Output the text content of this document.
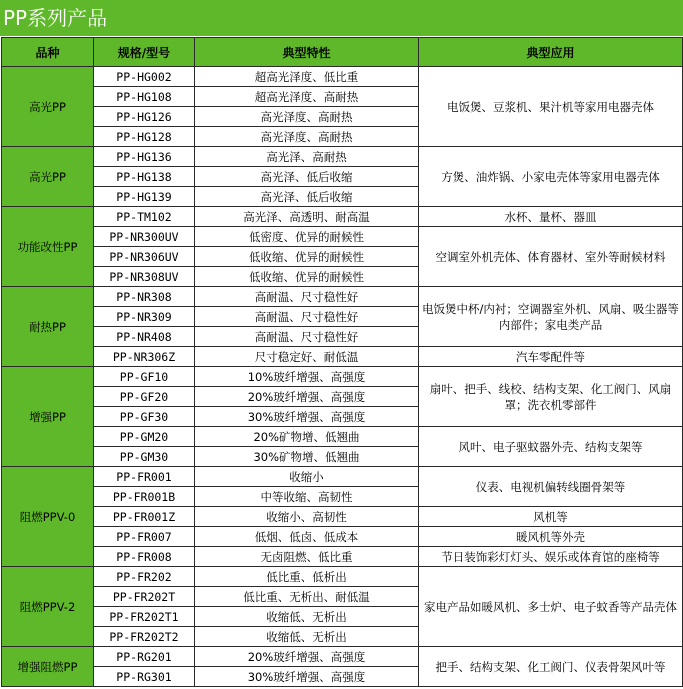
PP系列产品
品种	规格/型号	典型特性	典型应用
高光PP	PP-HG002	超高光泽度、低比重	电饭煲、豆浆机、果汁机等家用电器壳体
	PP-HG108	超高光泽度、高耐热	
	PP-HG126	高光泽度、高耐热	
	PP-HG128	高光泽度、高耐热	
高光PP	PP-HG136	高光泽、高耐热	方煲、油炸锅、小家电壳体等家用电器壳体
	PP-HG138	高光泽、低后收缩	
	PP-HG139	高光泽、低后收缩	
功能改性PP	PP-TM102	高光泽、高透明、耐高温	水杯、量杯、器皿
	PP-NR300UV	低密度、优异的耐候性	空调室外机壳体、体育器材、室外等耐候材料
	PP-NR306UV	低收缩、优异的耐候性	
	PP-NR308UV	低收缩、优异的耐候性	
耐热PP	PP-NR308	高耐温、尺寸稳性好	电饭煲中杯/内衬；空调器室外机、风扇、吸尘器等内部件；家电类产品
	PP-NR309	高耐温、尺寸稳性好	
	PP-NR408	高耐温、尺寸稳性好	
	PP-NR306Z	尺寸稳定好、耐低温	汽车零配件等
增强PP	PP-GF10	10%玻纤增强、高强度	扇叶、把手、线校、结构支架、化工阀门、风扇罩；洗衣机零部件
	PP-GF20	20%玻纤增强、高强度	
	PP-GF30	30%玻纤增强、高强度	
	PP-GM20	20%矿物增、低翘曲	风叶、电子驱蚊器外壳、结构支架等
	PP-GM30	30%矿物增、低翘曲	
阻燃PPV-0	PP-FR001	收缩小	仪表、电视机偏转线圈骨架等
	PP-FR001B	中等收缩、高韧性	
	PP-FR001Z	收缩小、高韧性	风机等
	PP-FR007	低烟、低卤、低成本	暖风机等外壳
	PP-FR008	无卤阻燃、低比重	节日装饰彩灯灯头、娱乐或体育馆的座椅等
阻燃PPV-2	PP-FR202	低比重、低析出	家电产品如暖风机、多士炉、电子蚊香等产品壳体
	PP-FR202T	低比重、无析出、耐低温	
	PP-FR202T1	收缩低、无析出	
	PP-FR202T2	收缩低、无析出	
增强阻燃PP	PP-RG201	20%玻纤增强、高强度	把手、结构支架、化工阀门、仪表骨架风叶等
	PP-RG301	30%玻纤增强、高强度	
